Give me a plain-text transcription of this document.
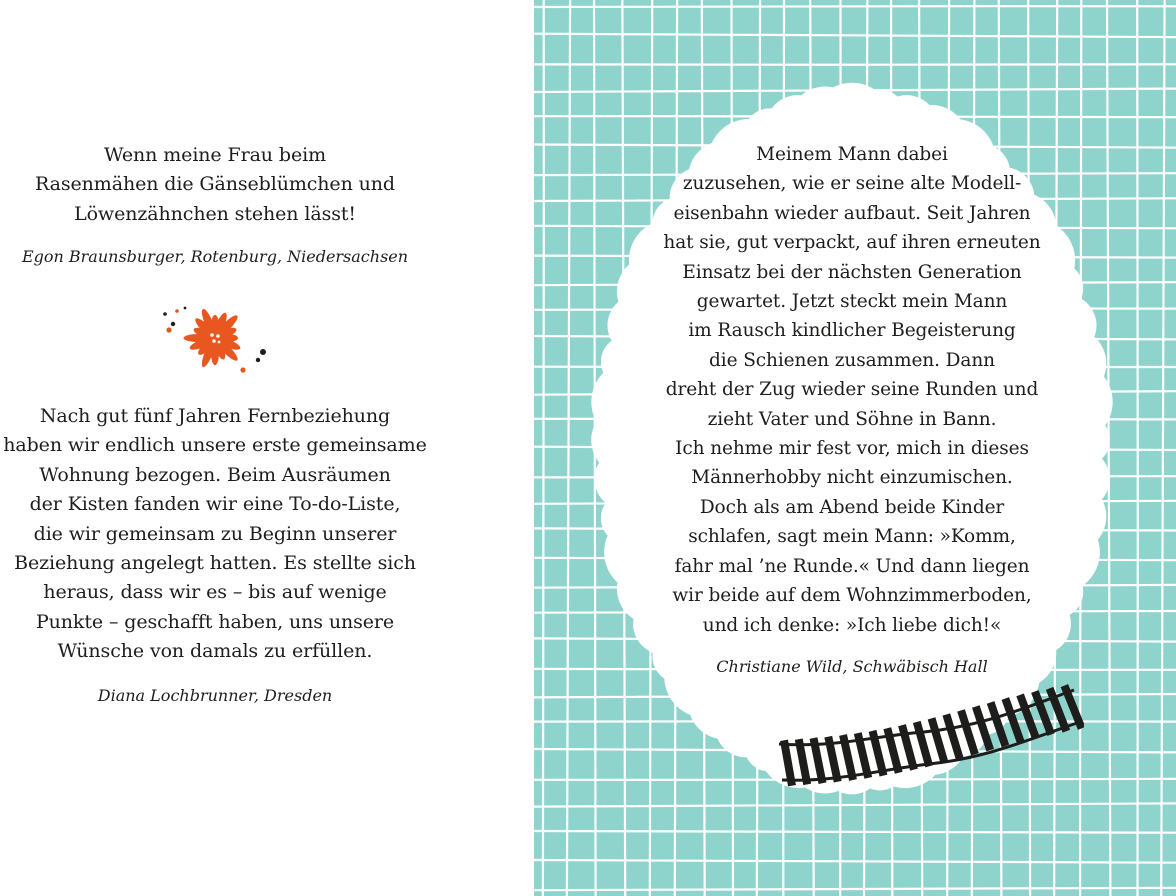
Wenn meine Frau beim
Rasenmähen die Gänseblümchen und
Löwenzähnchen stehen lässt!

Egon Braunsburger, Rotenburg, Niedersachsen

Nach gut fünf Jahren Fernbeziehung
haben wir endlich unsere erste gemeinsame
Wohnung bezogen. Beim Ausräumen
der Kisten fanden wir eine To-do-Liste,
die wir gemeinsam zu Beginn unserer
Beziehung angelegt hatten. Es stellte sich
heraus, dass wir es – bis auf wenige
Punkte – geschafft haben, uns unsere
Wünsche von damals zu erfüllen.

Diana Lochbrunner, Dresden

Meinem Mann dabei
zuzusehen, wie er seine alte Modell-
eisenbahn wieder aufbaut. Seit Jahren
hat sie, gut verpackt, auf ihren erneuten
Einsatz bei der nächsten Generation
gewartet. Jetzt steckt mein Mann
im Rausch kindlicher Begeisterung
die Schienen zusammen. Dann
dreht der Zug wieder seine Runden und
zieht Vater und Söhne in Bann.
Ich nehme mir fest vor, mich in dieses
Männerhobby nicht einzumischen.
Doch als am Abend beide Kinder
schlafen, sagt mein Mann: »Komm,
fahr mal ’ne Runde.« Und dann liegen
wir beide auf dem Wohnzimmerboden,
und ich denke: »Ich liebe dich!«

Christiane Wild, Schwäbisch Hall
